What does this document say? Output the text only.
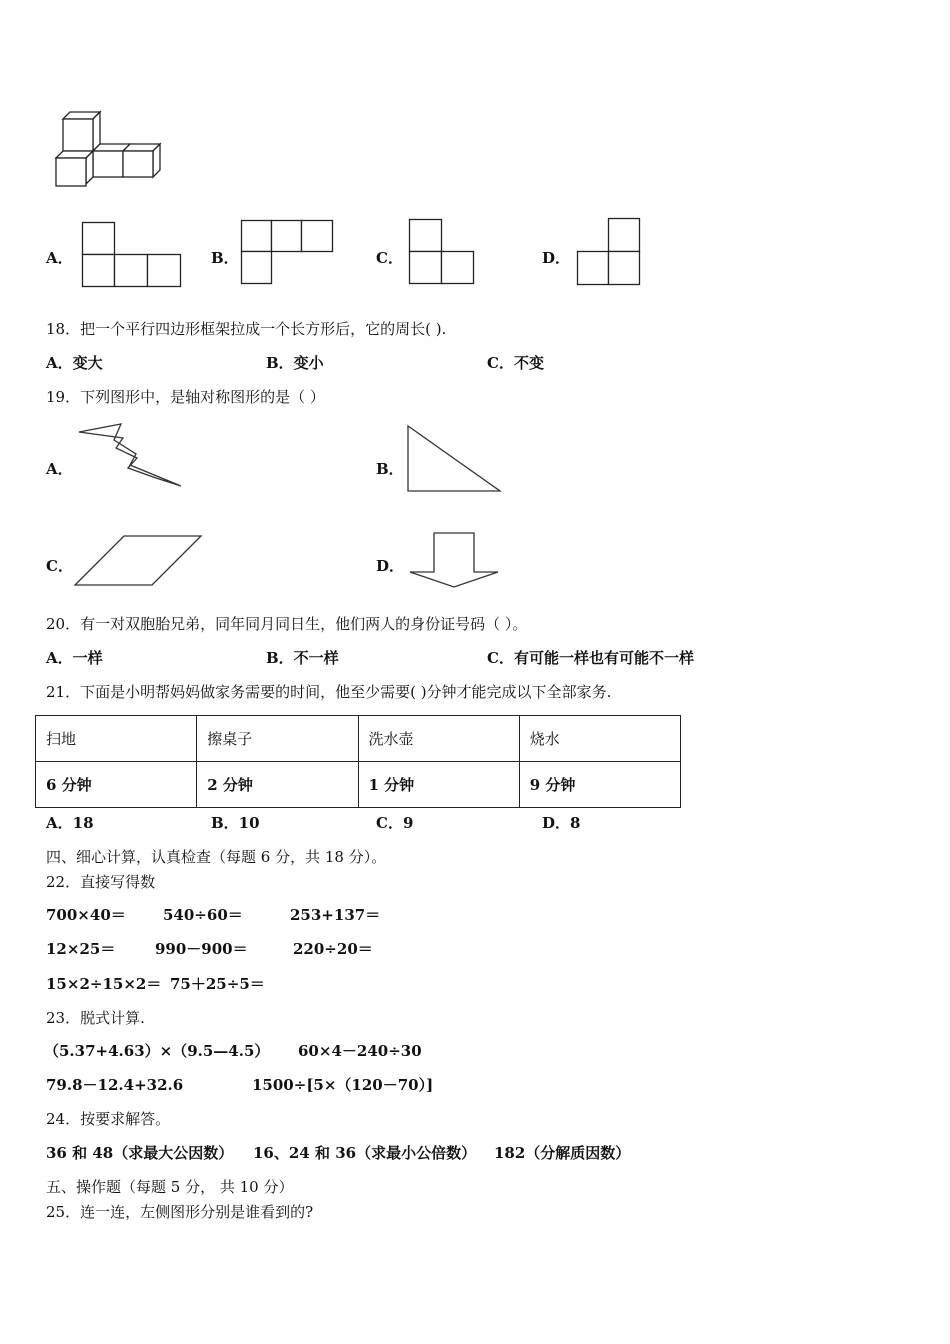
A．	B．	C．	D．
18．把一个平行四边形框架拉成一个长方形后，它的周长( ).
A．变大	B．变小	C．不变
19．下列图形中，是轴对称图形的是（ ）
A．	B．
C．	D．
20．有一对双胞胎兄弟，同年同月同日生，他们两人的身份证号码（ ）。
A．一样	B．不一样	C．有可能一样也有可能不一样
21．下面是小明帮妈妈做家务需要的时间，他至少需要( )分钟才能完成以下全部家务.
扫地	擦桌子	洗水壶	烧水
6 分钟	2 分钟	1 分钟	9 分钟
A．18	B．10	C．9	D．8
四、细心计算，认真检查（每题 6 分，共 18 分）。
22．直接写得数
700×40＝ 540÷60＝	253+137＝
12×25＝	990－900＝	220÷20＝
15×2÷15×2＝ 75＋25÷5＝
23．脱式计算.
（5.37+4.63）×（9.5—4.5） 60×4－240÷30
79.8－12.4+32.6	1500÷[5×（120－70）]
24．按要求解答。
36 和 48（求最大公因数） 16、24 和 36（求最小公倍数） 182（分解质因数）
五、操作题（每题 5 分， 共 10 分）
25．连一连，左侧图形分别是谁看到的?
